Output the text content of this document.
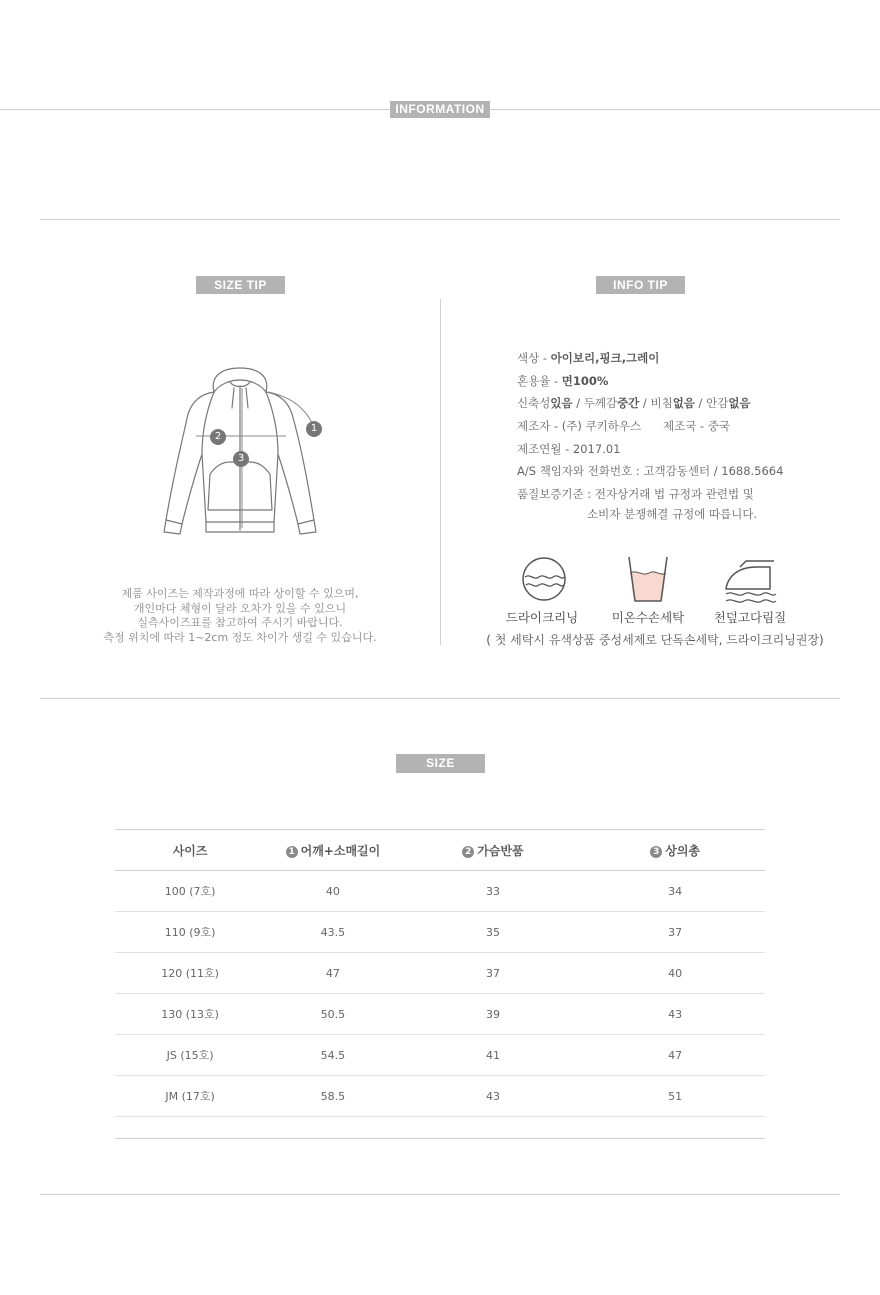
INFORMATION
SIZE TIP
1
2
3
제품 사이즈는 제작과정에 따라 상이할 수 있으며,
개인마다 체형이 달라 오차가 있을 수 있으니
실측사이즈표를 참고하여 주시기 바랍니다.
측정 위치에 따라 1~2cm 정도 차이가 생길 수 있습니다.
INFO TIP
색상 - 아이보리,핑크,그레이
혼용율 - 면100%
신축성있음 / 두께감중간 / 비침없음 / 안감없음
제조자 - (주) 쿠키하우스      제조국 - 중국
제조연월 - 2017.01
A/S 책임자와 전화번호 : 고객감동센터 / 1688.5664
품질보증기준 : 전자상거래 법 규정과 관련법 및
소비자 분쟁해결 규정에 따릅니다.
드라이크리닝	미온수손세탁	천덮고다림질
( 첫 세탁시 유색상품 중성세제로 단독손세탁, 드라이크리닝권장)
SIZE
사이즈	1 어깨+소매길이	2 가슴반품	3 상의총
100 (7호)	40	33	34
110 (9호)	43.5	35	37
120 (11호)	47	37	40
130 (13호)	50.5	39	43
JS (15호)	54.5	41	47
JM (17호)	58.5	43	51
